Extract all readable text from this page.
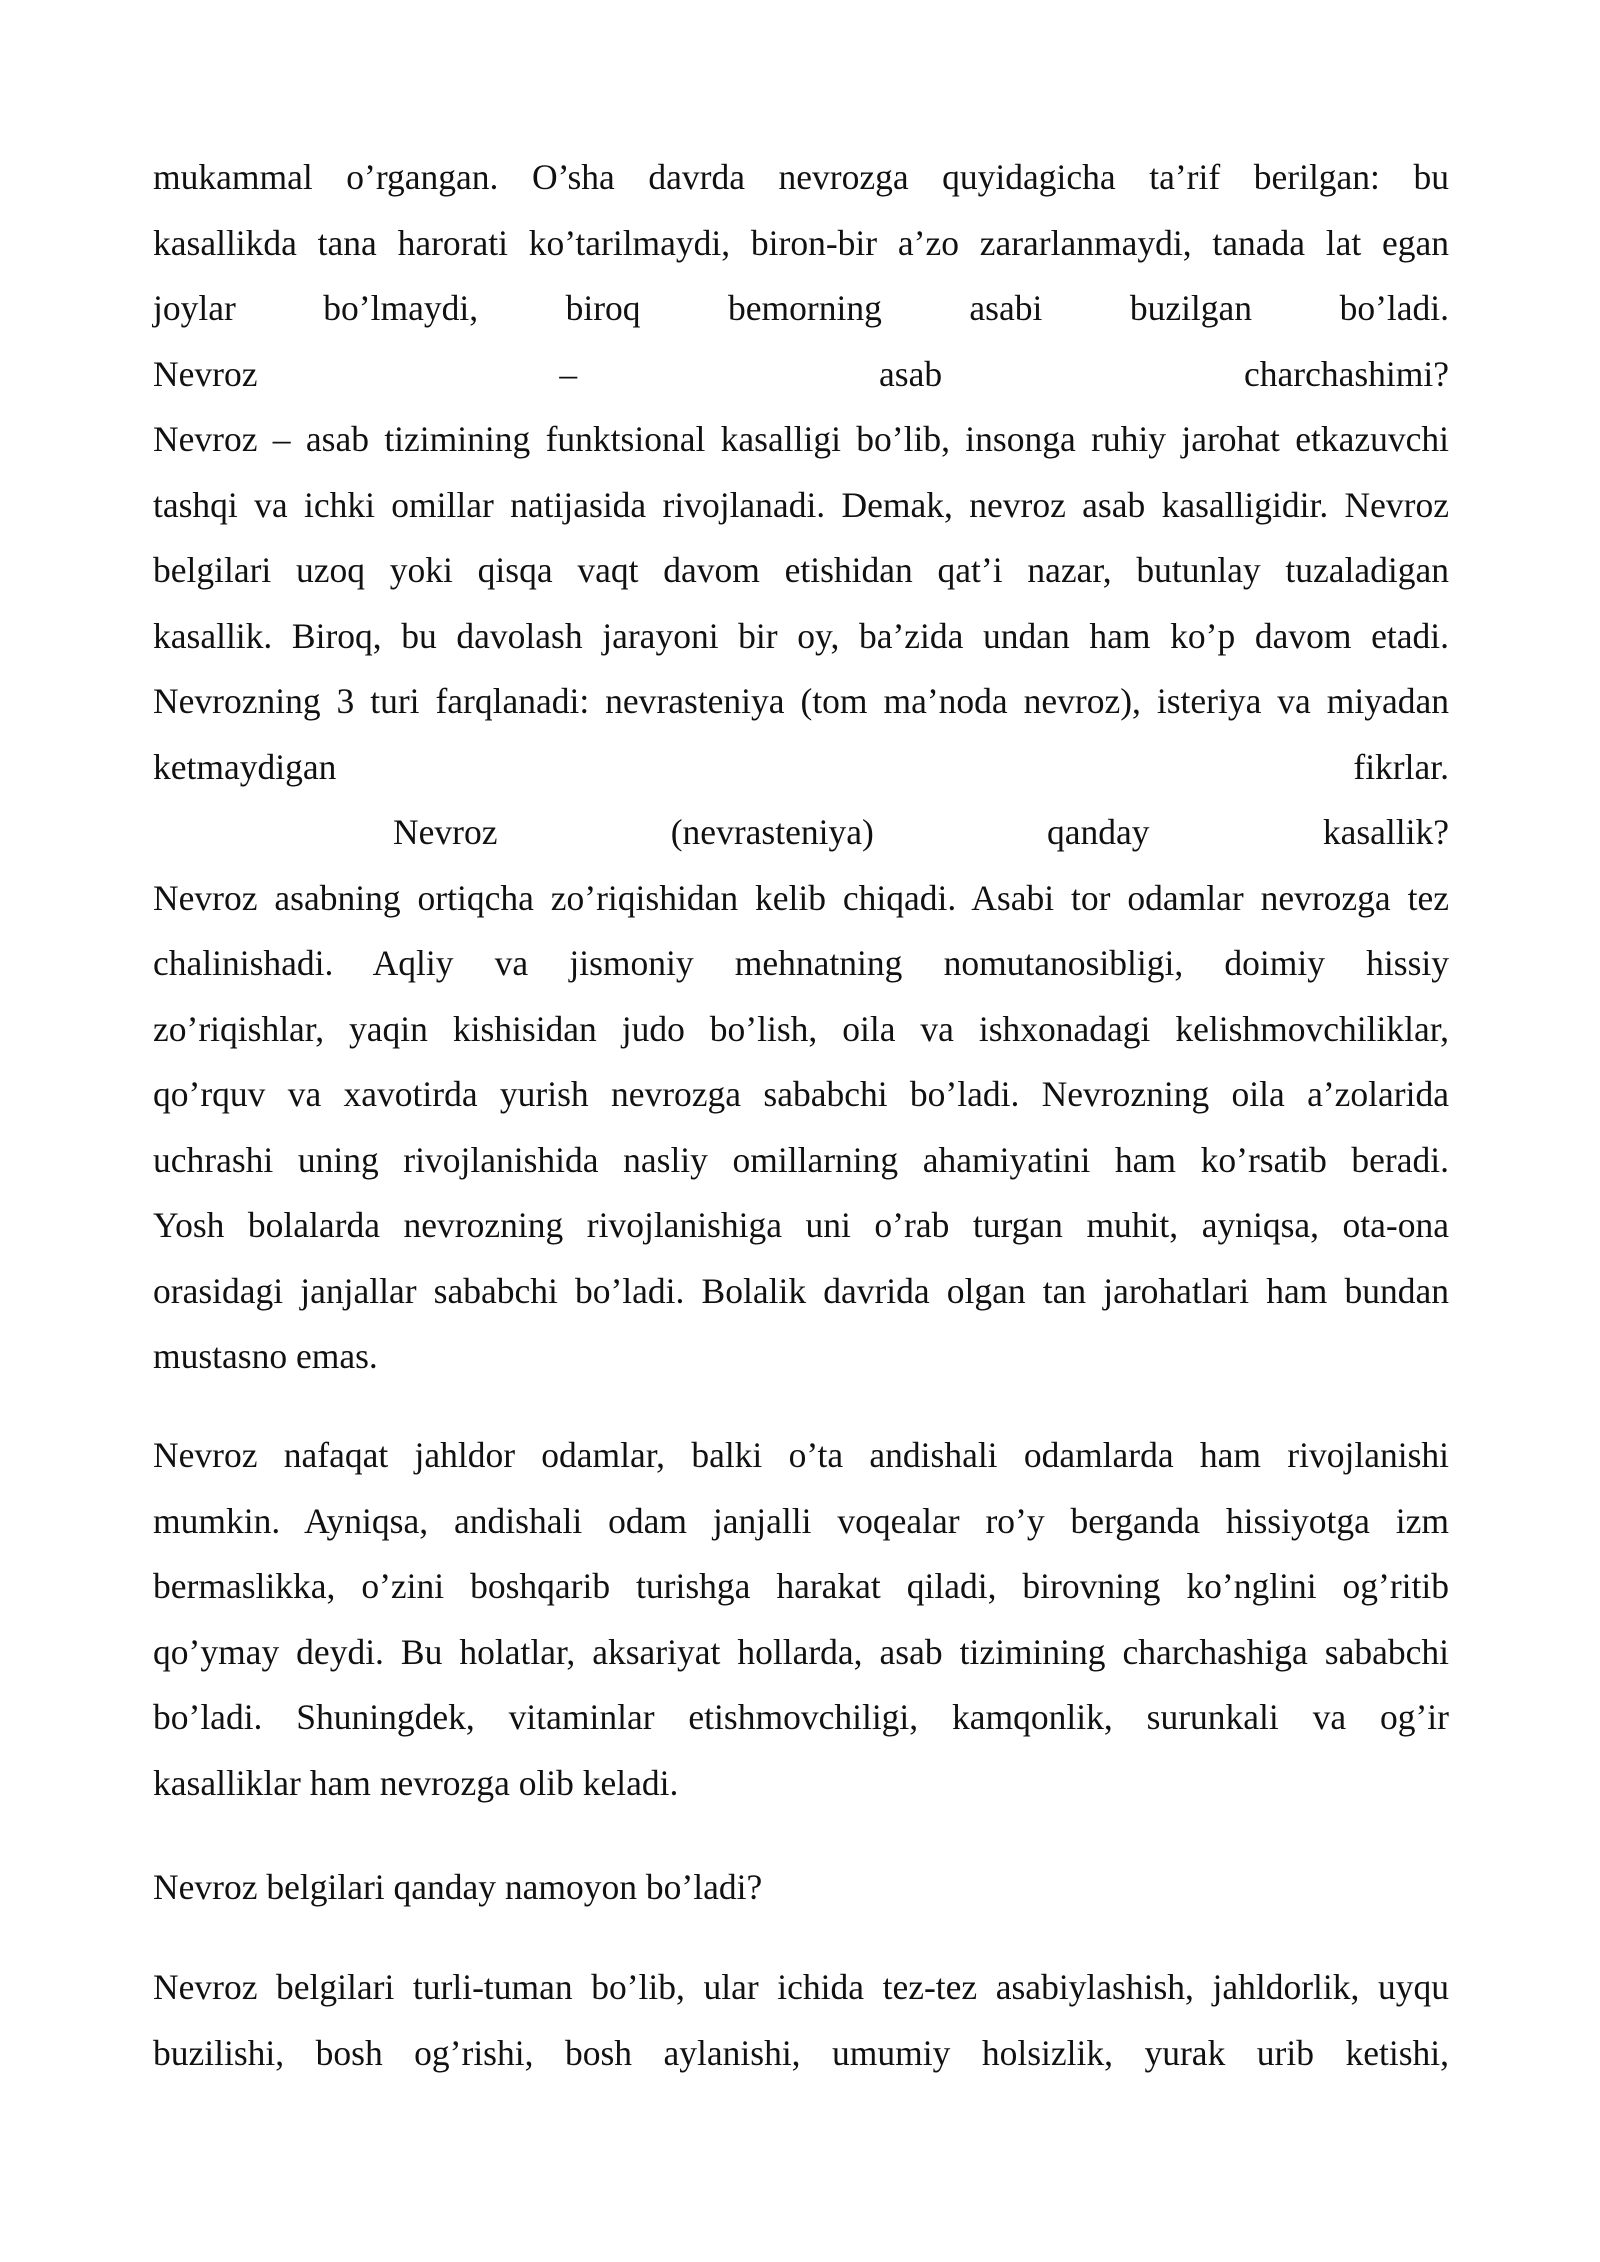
mukammal o’rgangan. O’sha davrda nevrozga quyidagicha ta’rif berilgan: bu
kasallikda tana harorati ko’tarilmaydi, biron-bir a’zo zararlanmaydi, tanada lat egan
joylar bo’lmaydi, biroq bemorning asabi buzilgan bo’ladi.
Nevroz – asab charchashimi?
Nevroz – asab tizimining funktsional kasalligi bo’lib, insonga ruhiy jarohat etkazuvchi
tashqi va ichki omillar natijasida rivojlanadi. Demak, nevroz asab kasalligidir. Nevroz
belgilari uzoq yoki qisqa vaqt davom etishidan qat’i nazar, butunlay tuzaladigan
kasallik. Biroq, bu davolash jarayoni bir oy, ba’zida undan ham ko’p davom etadi.
Nevrozning 3 turi farqlanadi: nevrasteniya (tom ma’noda nevroz), isteriya va miyadan
ketmaydigan fikrlar.
Nevroz (nevrasteniya) qanday kasallik?
Nevroz asabning ortiqcha zo’riqishidan kelib chiqadi. Asabi tor odamlar nevrozga tez
chalinishadi. Aqliy va jismoniy mehnatning nomutanosibligi, doimiy hissiy
zo’riqishlar, yaqin kishisidan judo bo’lish, oila va ishxonadagi kelishmovchiliklar,
qo’rquv va xavotirda yurish nevrozga sababchi bo’ladi. Nevrozning oila a’zolarida
uchrashi uning rivojlanishida nasliy omillarning ahamiyatini ham ko’rsatib beradi.
Yosh bolalarda nevrozning rivojlanishiga uni o’rab turgan muhit, ayniqsa, ota-ona
orasidagi janjallar sababchi bo’ladi. Bolalik davrida olgan tan jarohatlari ham bundan
mustasno emas.
Nevroz nafaqat jahldor odamlar, balki o’ta andishali odamlarda ham rivojlanishi
mumkin. Ayniqsa, andishali odam janjalli voqealar ro’y berganda hissiyotga izm
bermaslikka, o’zini boshqarib turishga harakat qiladi, birovning ko’nglini og’ritib
qo’ymay deydi. Bu holatlar, aksariyat hollarda, asab tizimining charchashiga sababchi
bo’ladi. Shuningdek, vitaminlar etishmovchiligi, kamqonlik, surunkali va og’ir
kasalliklar ham nevrozga olib keladi.
Nevroz belgilari qanday namoyon bo’ladi?
Nevroz belgilari turli-tuman bo’lib, ular ichida tez-tez asabiylashish, jahldorlik, uyqu
buzilishi, bosh og’rishi, bosh aylanishi, umumiy holsizlik, yurak urib ketishi,
